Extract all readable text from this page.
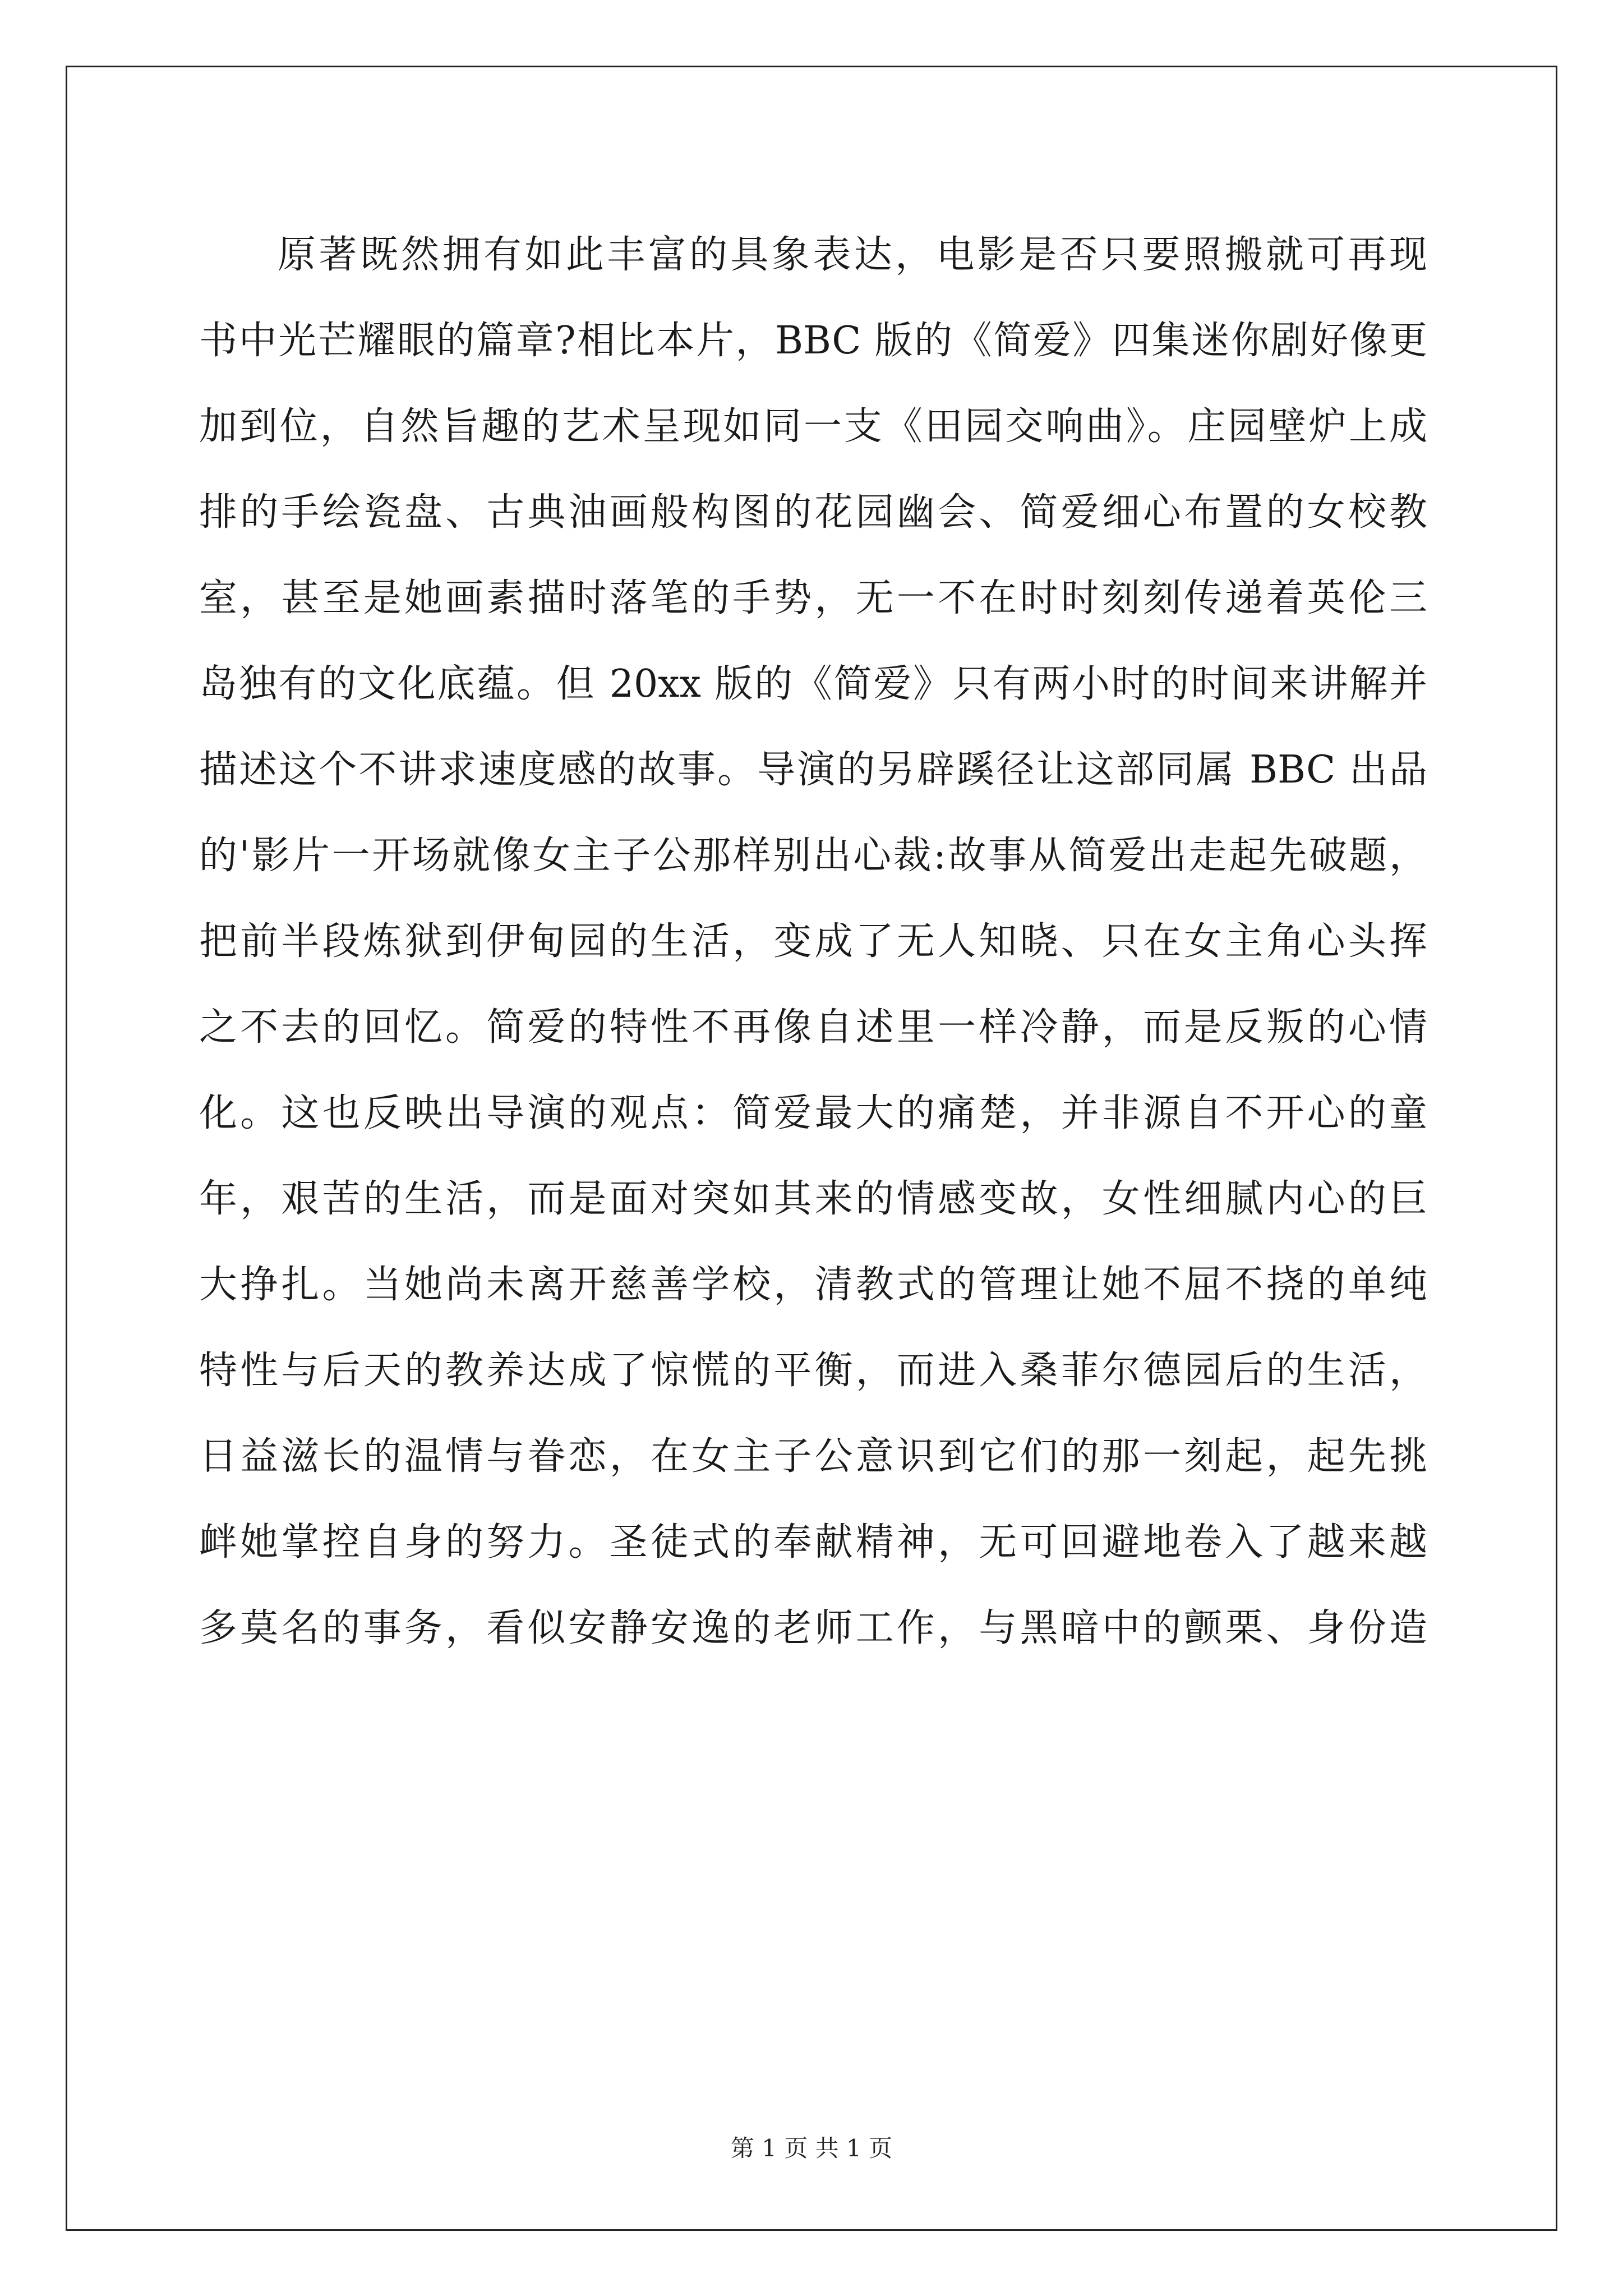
原著既然拥有如此丰富的具象表达，电影是否只要照搬就可再现
书中光芒耀眼的篇章?相比本片，BBC 版的《简爱》四集迷你剧好像更
加到位，自然旨趣的艺术呈现如同一支《田园交响曲》。庄园壁炉上成
排的手绘瓷盘、古典油画般构图的花园幽会、简爱细心布置的女校教
室，甚至是她画素描时落笔的手势，无一不在时时刻刻传递着英伦三
岛独有的文化底蕴。但 20xx 版的《简爱》只有两小时的时间来讲解并
描述这个不讲求速度感的故事。导演的另辟蹊径让这部同属 BBC 出品
的'影片一开场就像女主子公那样别出心裁:故事从简爱出走起先破题，
把前半段炼狱到伊甸园的生活，变成了无人知晓、只在女主角心头挥
之不去的回忆。简爱的特性不再像自述里一样冷静，而是反叛的心情
化。这也反映出导演的观点：简爱最大的痛楚，并非源自不开心的童
年，艰苦的生活，而是面对突如其来的情感变故，女性细腻内心的巨
大挣扎。当她尚未离开慈善学校，清教式的管理让她不屈不挠的单纯
特性与后天的教养达成了惊慌的平衡，而进入桑菲尔德园后的生活，
日益滋长的温情与眷恋，在女主子公意识到它们的那一刻起，起先挑
衅她掌控自身的努力。圣徒式的奉献精神，无可回避地卷入了越来越
多莫名的事务，看似安静安逸的老师工作，与黑暗中的颤栗、身份造
第 1 页 共 1 页
